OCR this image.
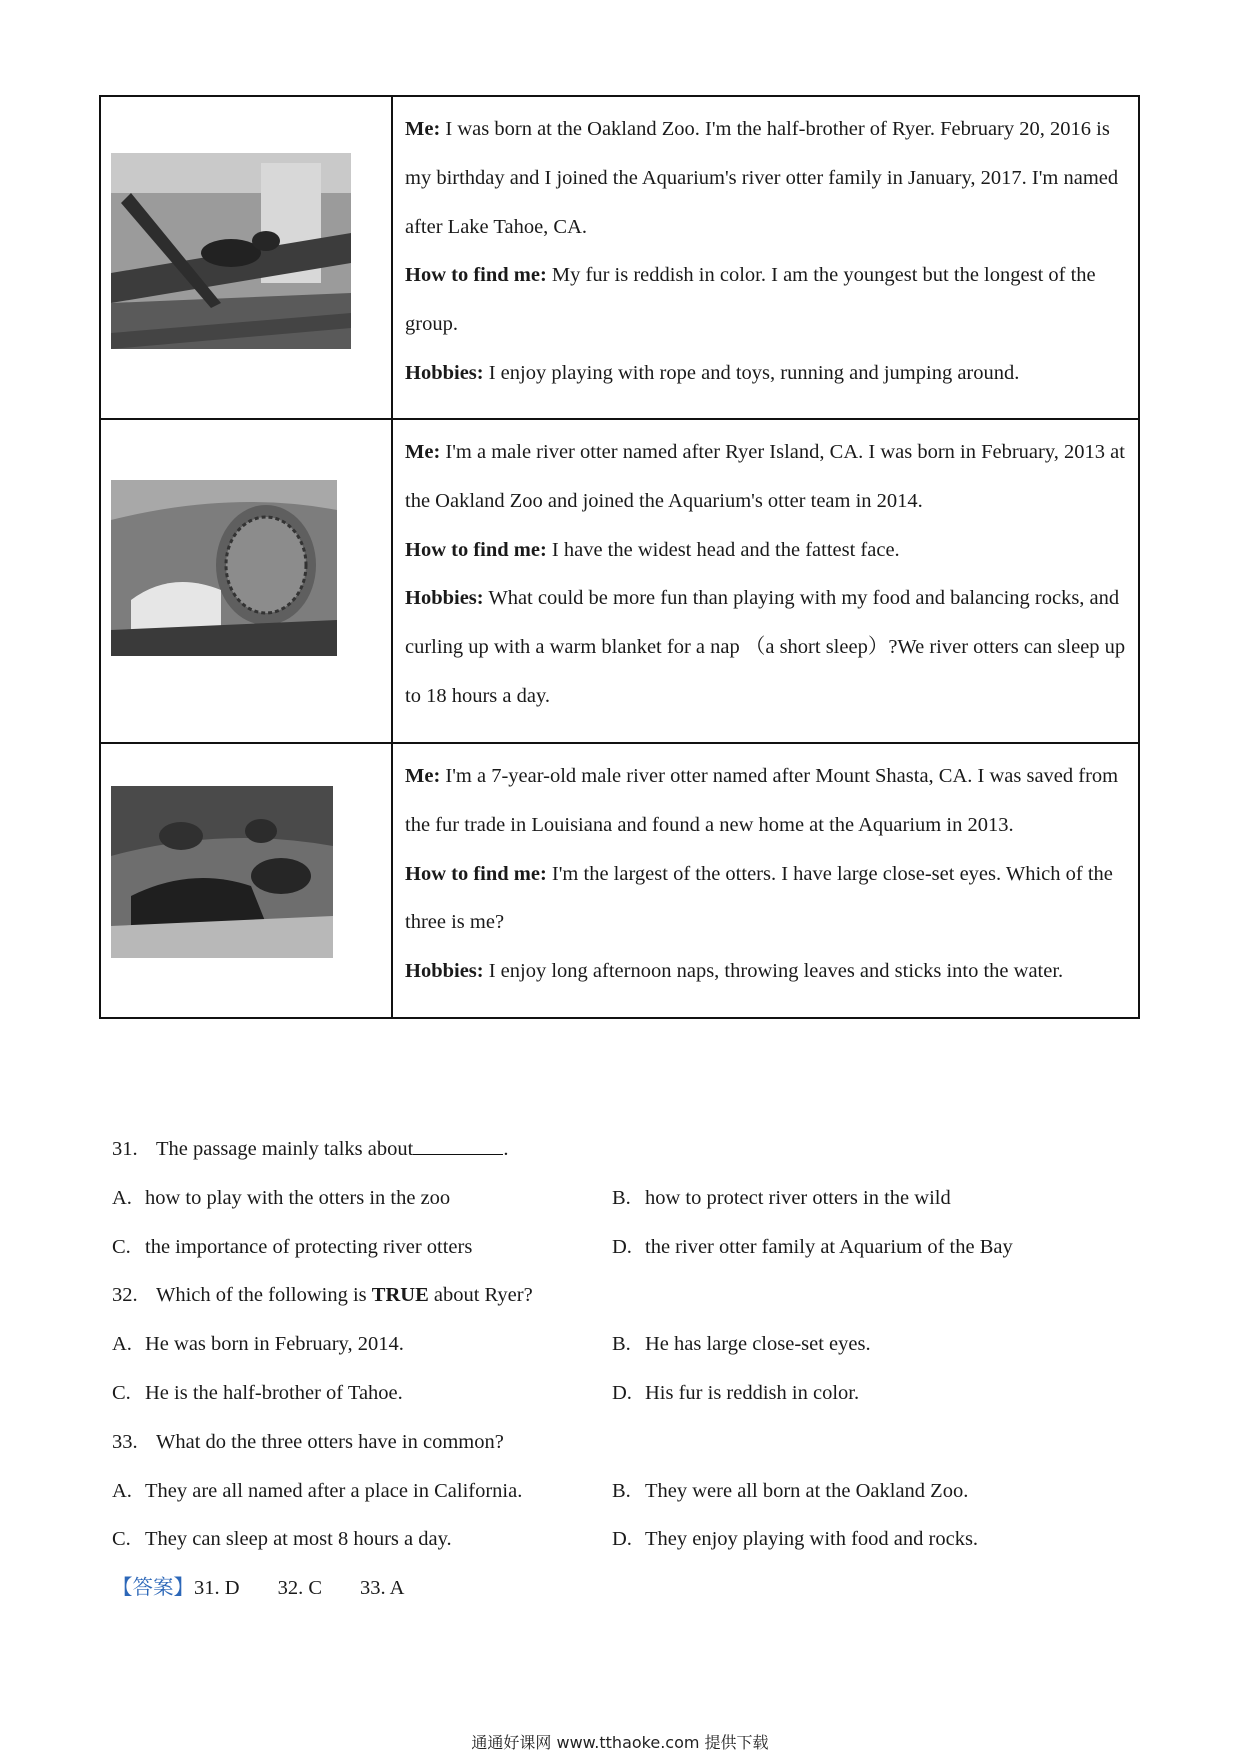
Me: I was born at the Oakland Zoo. I'm the half-brother of Ryer. February 20, 2016 is my birthday and I joined the Aquarium's river otter family in January, 2017. I'm named after Lake Tahoe, CA.
How to find me: My fur is reddish in color. I am the youngest but the longest of the group.
Hobbies: I enjoy playing with rope and toys, running and jumping around.

Me: I'm a male river otter named after Ryer Island, CA. I was born in February, 2013 at the Oakland Zoo and joined the Aquarium's otter team in 2014.
How to find me: I have the widest head and the fattest face.
Hobbies: What could be more fun than playing with my food and balancing rocks, and curling up with a warm blanket for a nap （a short sleep）?We river otters can sleep up to 18 hours a day.

Me: I'm a 7-year-old male river otter named after Mount Shasta, CA. I was saved from the fur trade in Louisiana and found a new home at the Aquarium in 2013.
How to find me: I'm the largest of the otters. I have large close-set eyes. Which of the three is me?
Hobbies: I enjoy long afternoon naps, throwing leaves and sticks into the water.
31. The passage mainly talks about	.
A. how to play with the otters in the zoo	B. how to protect river otters in the wild
C. the importance of protecting river otters	D. the river otter family at Aquarium of the Bay
32. Which of the following is TRUE about Ryer?
A. He was born in February, 2014.	B. He has large close-set eyes.
C. He is the half-brother of Tahoe.	D. His fur is reddish in color.
33. What do the three otters have in common?
A. They are all named after a place in California.	B. They were all born at the Oakland Zoo.
C. They can sleep at most 8 hours a day.	D. They enjoy playing with food and rocks.
【答案】31. D 32. C 33. A
通通好课网 www.tthaoke.com 提供下载
